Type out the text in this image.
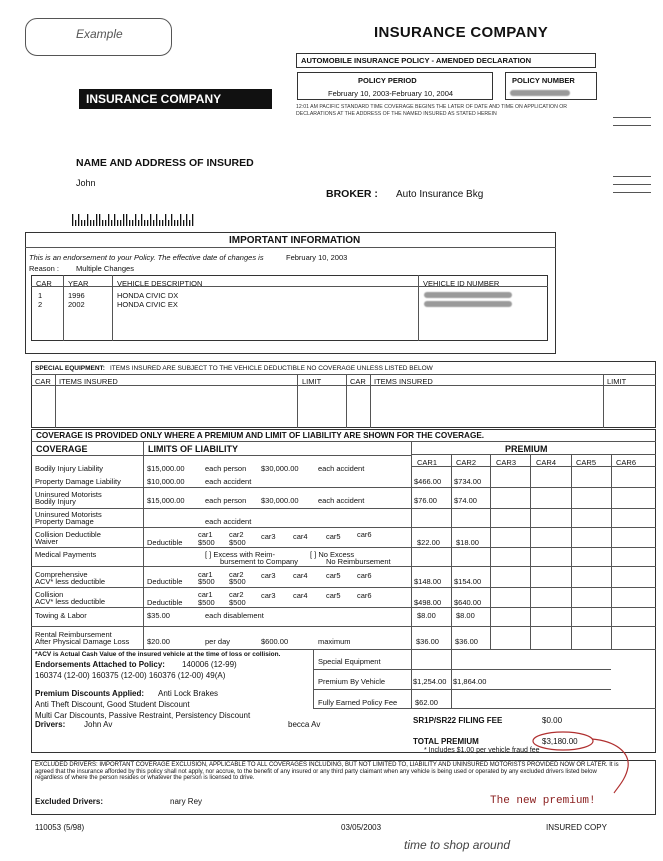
Example	INSURANCE COMPANY
INSURANCE COMPANY
AUTOMOBILE INSURANCE POLICY - AMENDED DECLARATION
POLICY PERIOD
February 10, 2003-February 10, 2004
POLICY NUMBER
12:01 AM PACIFIC STANDARD TIME COVERAGE BEGINS THE LATER OF DATE AND TIME ON APPLICATION OR DECLARATIONS AT THE ADDRESS OF THE NAMED INSURED AS STATED HEREIN
NAME AND ADDRESS OF INSURED
John
BROKER : Auto Insurance Bkg
IMPORTANT INFORMATION
This is an endorsement to your Policy. The effective date of changes is	February 10, 2003
Reason : Multiple Changes
CAR YEAR	VEHICLE DESCRIPTION	VEHICLE ID NUMBER
1	1996	HONDA CIVIC DX
2	2002	HONDA CIVIC EX
SPECIAL EQUIPMENT: ITEMS INSURED ARE SUBJECT TO THE VEHICLE DEDUCTIBLE NO COVERAGE UNLESS LISTED BELOW
CAR ITEMS INSURED	LIMIT	CAR ITEMS INSURED	LIMIT
COVERAGE IS PROVIDED ONLY WHERE A PREMIUM AND LIMIT OF LIABILITY ARE SHOWN FOR THE COVERAGE.
COVERAGE	LIMITS OF LIABILITY	PREMIUM
CAR1	CAR2	CAR3	CAR4	CAR5	CAR6
Bodily Injury Liability	$15,000.00	each person $30,000.00	each accident
Property Damage Liability	$10,000.00	each accident	$466.00 $734.00
Uninsured Motorists
Bodily Injury	$15,000.00	each person $30,000.00	each accident	$76.00 $74.00
Uninsured Motorists
Property Damage	each accident
Collision Deductible
Waiver	Deductible
car1 car2 car3 car4 car5 car6
$500 $500	$22.00 $18.00
Medical Payments	[ ] Excess with Reim-
bursement to Company
[ ] No Excess
No Reimbursement
Comprehensive
ACV* less deductible	Deductible
car1 car2 car3 car4 car5 car6
$500 $500	$148.00 $154.00
Collision
ACV* less deductible	Deductible
car1 car2 car3 car4 car5 car6
$500 $500	$498.00 $640.00
Towing & Labor	$35.00	each disablement	$8.00	$8.00
Rental Reimbursement
After Physical Damage Loss $20.00	per day	$600.00	maximum	$36.00 $36.00
*ACV is Actual Cash Value of the insured vehicle at the time of loss or collision.
Endorsements Attached to Policy: 140006 (12-99)
160374 (12-00) 160375 (12-00) 160376 (12-00) 49(A)
Premium Discounts Applied: Anti Lock Brakes
Anti Theft Discount, Good Student Discount
Multi Car Discounts, Passive Restraint, Persistency Discount
Drivers: John Av	becca Av
Special Equipment
Premium By Vehicle	$1,254.00 $1,864.00
Fully Earned Policy Fee $62.00
SR1P/SR22 FILING FEE	$0.00
TOTAL PREMIUM	$3,180.00
* Includes $1.00 per vehicle fraud fee
EXCLUDED DRIVERS: IMPORTANT COVERAGE EXCLUSION, APPLICABLE TO ALL COVERAGES INCLUDING, BUT NOT LIMITED TO, LIABILITY AND UNINSURED MOTORISTS PROVIDED NOW OR LATER. It is agreed that the insurance afforded by this policy shall not apply, nor accrue, to the benefit of any insured or any third party claimant when any vehicle is being used or operated by any excluded drivers listed below regardless of where the person resides or whatever the person is licensed to drive.
Excluded Drivers:	nary Rey	The new premium!
110053 (5/98)	03/05/2003	INSURED COPY
time to shop around
